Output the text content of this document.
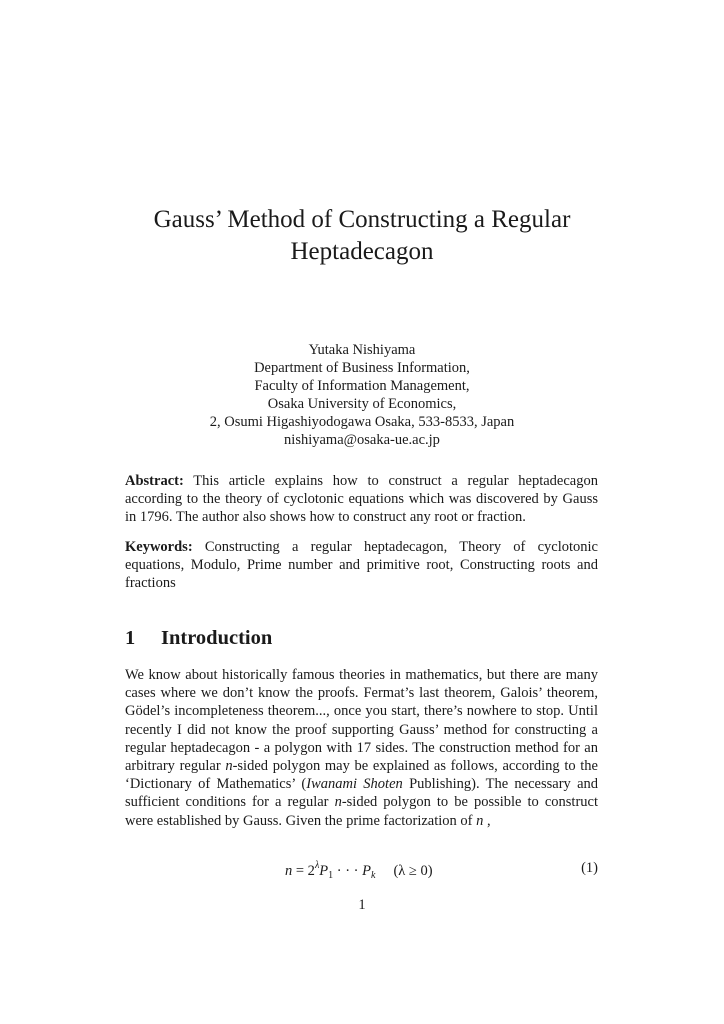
Gauss’ Method of Constructing a Regular
Heptadecagon
Yutaka Nishiyama
Department of Business Information,
Faculty of Information Management,
Osaka University of Economics,
2, Osumi Higashiyodogawa Osaka, 533-8533, Japan
nishiyama@osaka-ue.ac.jp

Abstract: This article explains how to construct a regular heptadecagon according to the theory of cyclotonic equations which was discovered by Gauss in 1796. The author also shows how to construct any root or fraction.

Keywords: Constructing a regular heptadecagon, Theory of cyclotonic equations, Modulo, Prime number and primitive root, Constructing roots and fractions

1 Introduction

We know about historically famous theories in mathematics, but there are many cases where we don’t know the proofs. Fermat’s last theorem, Galois’ theorem, Gödel’s incompleteness theorem..., once you start, there’s nowhere to stop. Until recently I did not know the proof supporting Gauss’ method for constructing a regular heptadecagon - a polygon with 17 sides. The construction method for an arbitrary regular n-sided polygon may be explained as follows, according to the ‘Dictionary of Mathematics’ (Iwanami Shoten Publishing). The necessary and sufficient conditions for a regular n-sided polygon to be possible to construct were established by Gauss. Given the prime factorization of n ,

$n = 2^\lambda P_1$ · · · $P_k$ (λ ≥ 0)	(1)
1
